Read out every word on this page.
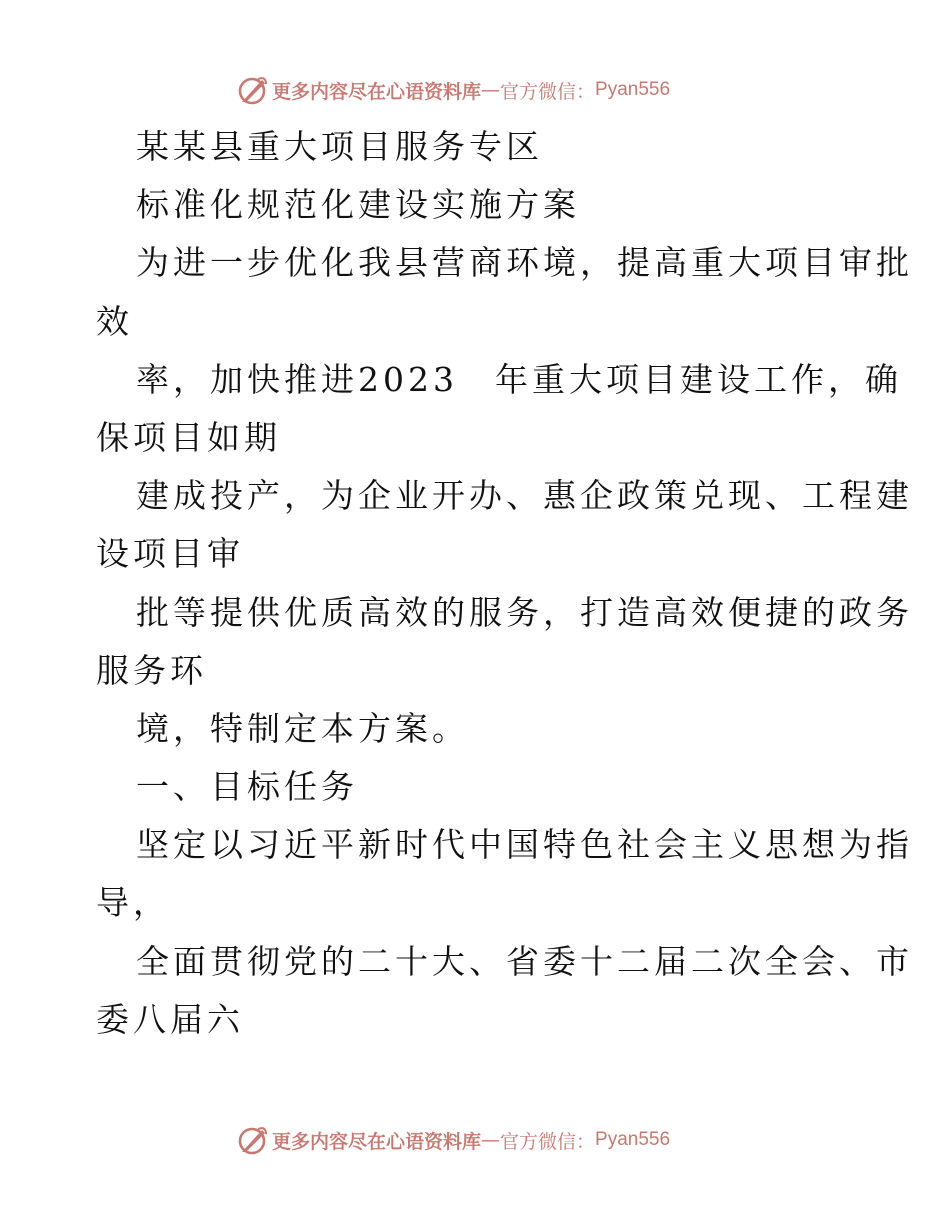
更多内容尽在心语资料库 — 官方微信： Pyan556
某某县重大项目服务专区
标准化规范化建设实施方案
为进一步优化我县营商环境，提高重大项目审批
效
率，加快推进2023　年重大项目建设工作，确
保项目如期
建成投产，为企业开办、惠企政策兑现、工程建
设项目审
批等提供优质高效的服务，打造高效便捷的政务
服务环
境，特制定本方案。
一、目标任务
坚定以习近平新时代中国特色社会主义思想为指
导，
全面贯彻党的二十大、省委十二届二次全会、市
委八届六
更多内容尽在心语资料库 — 官方微信： Pyan556
